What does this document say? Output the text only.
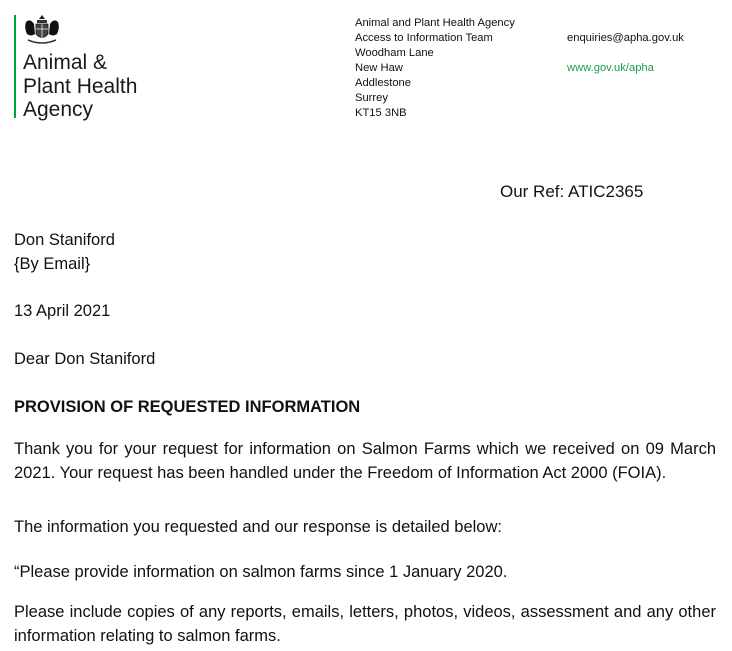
Animal &
Plant Health
Agency
Animal and Plant Health Agency
Access to Information Team
Woodham Lane
New Haw
Addlestone
Surrey
KT15 3NB
enquiries@apha.gov.uk
www.gov.uk/apha
Our Ref: ATIC2365
Don Staniford
{By Email}
13 April 2021
Dear Don Staniford
PROVISION OF REQUESTED INFORMATION
Thank you for your request for information on Salmon Farms which we received on 09 March 2021. Your request has been handled under the Freedom of Information Act 2000 (FOIA).
The information you requested and our response is detailed below:
“Please provide information on salmon farms since 1 January 2020.
Please include copies of any reports, emails, letters, photos, videos, assessment and any other information relating to salmon farms.
